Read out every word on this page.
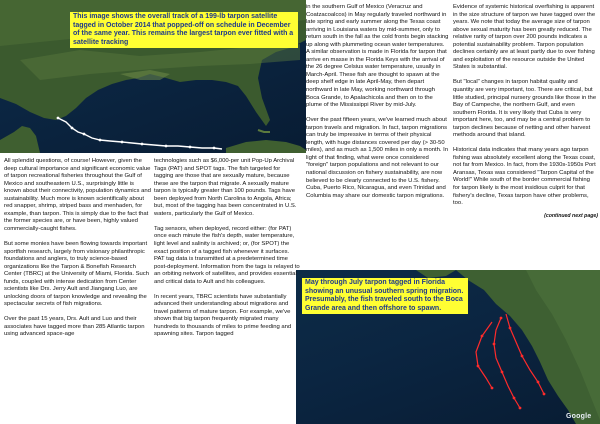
This image shows the overall track of a 199-lb tarpon satellite tagged in October 2014 that popped-off on schedule in December of the same year. This remains the largest tarpon ever fitted with a satellite tracking
May through July tarpon tagged in Florida showing an unusual southern spring migration. Presumably, the fish traveled south to the Boca Grande area and then offshore to spawn.
Google

All splendid questions, of course! However, given the deep cultural importance and significant economic value of tarpon recreational fisheries throughout the Gulf of Mexico and southeastern U.S., surprisingly little is known about their connectivity, population dynamics and sustainability. Much more is known scientifically about red snapper, shrimp, striped bass and menhaden, for example, than tarpon. This is simply due to the fact that the former species are, or have been, highly valued commercially-caught fishes.

But some monies have been flowing towards important sportfish research, largely from visionary philanthropic foundations and anglers, to truly science-based organizations like the Tarpon & Bonefish Research Center (TBRC) at the University of Miami, Florida. Such funds, coupled with intense dedication from Center scientists like Drs. Jerry Ault and Jiangang Luo, are unlocking doors of tarpon knowledge and revealing the spectacular secrets of fish migrations.

Over the past 15 years, Drs. Ault and Luo and their associates have tagged more than 285 Atlantic tarpon using advanced space-age

technologies such as $6,000-per unit Pop-Up Archival Tags (PAT) and SPOT tags. The fish targeted for tagging are those that are sexually mature, because these are the tarpon that migrate. A sexually mature tarpon is typically greater than 100 pounds. Tags have been deployed from North Carolina to Angola, Africa; but, most of the tagging has been concentrated in U.S. waters, particularly the Gulf of Mexico.

Tag sensors, when deployed, record either: (for PAT) once each minute the fish's depth, water temperature, light level and salinity is archived; or, (for SPOT) the exact position of a tagged fish whenever it surfaces. PAT tag data is transmitted at a predetermined time post-deployment. Information from the tags is relayed to an orbiting network of satellites, and provides essential and critical data to Ault and his colleagues.

In recent years, TBRC scientists have substantially advanced their understanding about migrations and travel patterns of mature tarpon. For example, we've shown that big tarpon frequently migrated many hundreds to thousands of miles to prime feeding and spawning sites. Tarpon tagged

in the southern Gulf of Mexico (Veracruz and Coatzacoalcos) in May regularly traveled northward in late spring and early summer along the Texas coast arriving in Louisiana waters by mid-summer, only to return south in the fall as the cold fronts begin stacking up along with plummeting ocean water temperatures. A similar observation is made in Florida for tarpon that arrive en masse in the Florida Keys with the arrival of the 26 degree Celsius water temperature, usually in March-April. These fish are thought to spawn at the deep shelf edge in late April-May, then depart northward in late May, working northward through Boca Grande, to Apalachicola and then on to the plume of the Mississippi River by mid-July.

Over the past fifteen years, we've learned much about tarpon travels and migration. In fact, tarpon migrations can truly be impressive in terms of their physical length, with huge distances covered per day (> 30-50 miles), and as much as 1,500 miles in only a month. In light of that finding, what were once considered "foreign" tarpon populations and not relevant to our national discussion on fishery sustainability, are now believed to be clearly connected to the U.S. fishery. Cuba, Puerto Rico, Nicaragua, and even Trinidad and Columbia may share our domestic tarpon migrations.

Evidence of systemic historical overfishing is apparent in the size structure of tarpon we have tagged over the years. We note that today the average size of tarpon above sexual maturity has been greatly reduced. The relative rarity of tarpon over 200 pounds indicates a potential sustainability problem. Tarpon population declines certainly are at least partly due to over fishing and exploitation of the resource outside the United States is substantial.

But "local" changes in tarpon habitat quality and quantity are very important, too. There are critical, but little studied, principal nursery grounds like those in the Bay of Campeche, the northern Gulf, and even southern Florida. It is very likely that Cuba is very important here, too, and may be a central problem to tarpon declines because of netting and other harvest methods around that island.

Historical data indicates that many years ago tarpon fishing was absolutely excellent along the Texas coast, not far from Mexico. In fact, from the 1930s-1950s Port Aransas, Texas was considered "Tarpon Capital of the World!" While south of the border commercial fishing for tarpon likely is the most insidious culprit for that fishery's decline, Texas tarpon have other problems, too.

(continued next page)
